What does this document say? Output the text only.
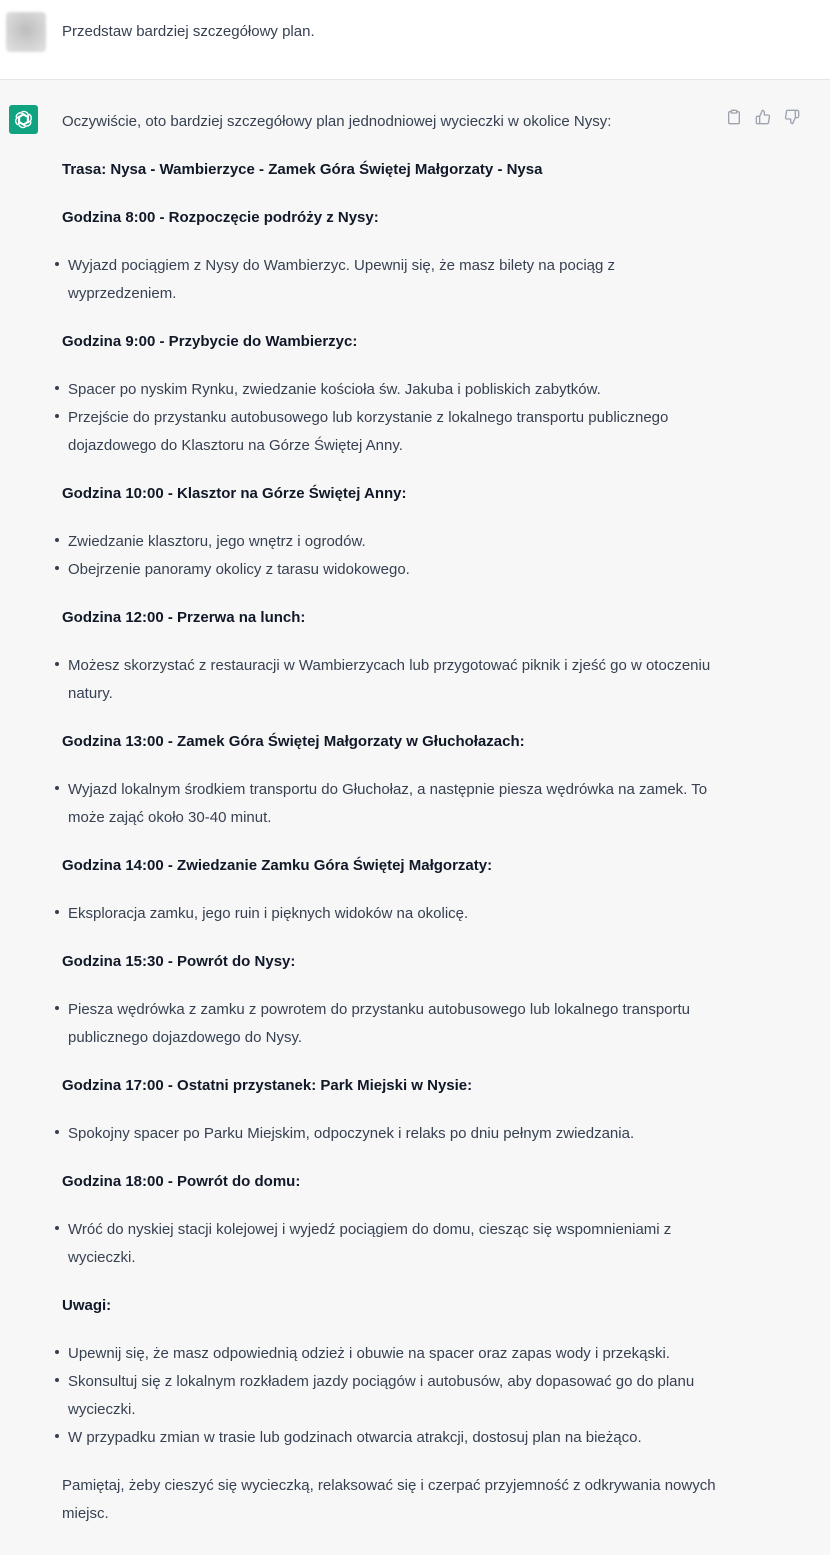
Przedstaw bardziej szczegółowy plan.

Oczywiście, oto bardziej szczegółowy plan jednodniowej wycieczki w okolice Nysy:

Trasa: Nysa - Wambierzyce - Zamek Góra Świętej Małgorzaty - Nysa

Godzina 8:00 - Rozpoczęcie podróży z Nysy:

Wyjazd pociągiem z Nysy do Wambierzyc. Upewnij się, że masz bilety na pociąg z wyprzedzeniem.

Godzina 9:00 - Przybycie do Wambierzyc:

Spacer po nyskim Rynku, zwiedzanie kościoła św. Jakuba i pobliskich zabytków.
Przejście do przystanku autobusowego lub korzystanie z lokalnego transportu publicznego dojazdowego do Klasztoru na Górze Świętej Anny.

Godzina 10:00 - Klasztor na Górze Świętej Anny:

Zwiedzanie klasztoru, jego wnętrz i ogrodów.
Obejrzenie panoramy okolicy z tarasu widokowego.

Godzina 12:00 - Przerwa na lunch:

Możesz skorzystać z restauracji w Wambierzycach lub przygotować piknik i zjeść go w otoczeniu natury.

Godzina 13:00 - Zamek Góra Świętej Małgorzaty w Głuchołazach:

Wyjazd lokalnym środkiem transportu do Głuchołaz, a następnie piesza wędrówka na zamek. To może zająć około 30-40 minut.

Godzina 14:00 - Zwiedzanie Zamku Góra Świętej Małgorzaty:

Eksploracja zamku, jego ruin i pięknych widoków na okolicę.

Godzina 15:30 - Powrót do Nysy:

Piesza wędrówka z zamku z powrotem do przystanku autobusowego lub lokalnego transportu publicznego dojazdowego do Nysy.

Godzina 17:00 - Ostatni przystanek: Park Miejski w Nysie:

Spokojny spacer po Parku Miejskim, odpoczynek i relaks po dniu pełnym zwiedzania.

Godzina 18:00 - Powrót do domu:

Wróć do nyskiej stacji kolejowej i wyjedź pociągiem do domu, ciesząc się wspomnieniami z wycieczki.

Uwagi:

Upewnij się, że masz odpowiednią odzież i obuwie na spacer oraz zapas wody i przekąski.
Skonsultuj się z lokalnym rozkładem jazdy pociągów i autobusów, aby dopasować go do planu wycieczki.
W przypadku zmian w trasie lub godzinach otwarcia atrakcji, dostosuj plan na bieżąco.

Pamiętaj, żeby cieszyć się wycieczką, relaksować się i czerpać przyjemność z odkrywania nowych miejsc.
